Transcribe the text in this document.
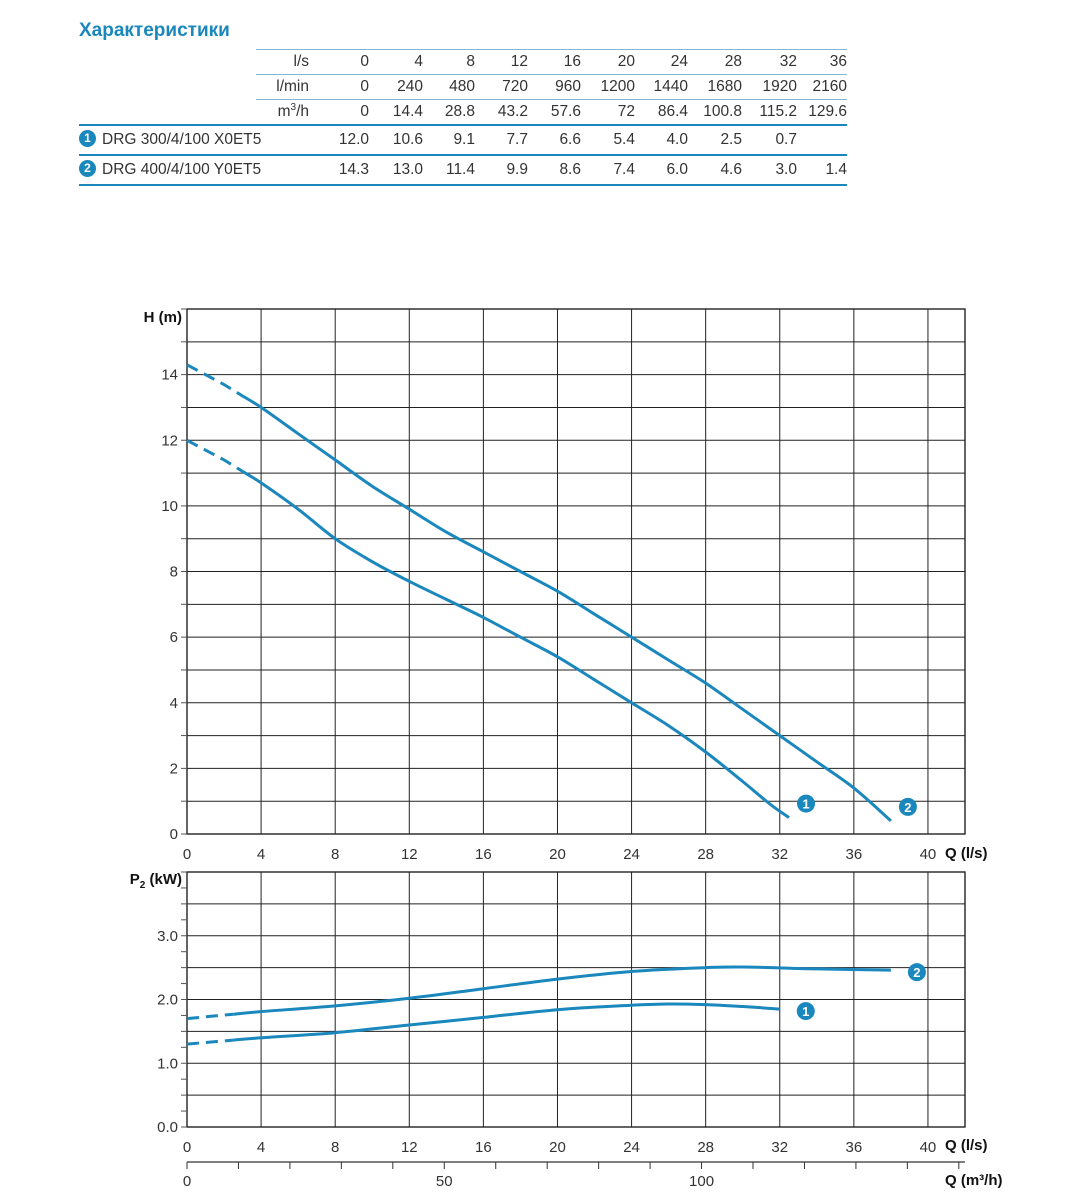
Характеристики
	l/s	0	4	8	12	16	20	24	28	32	36
	l/min	0	240	480	720	960	1200	1440	1680	1920	2160
	$m^3/h$	0	14.4	28.8	43.2	57.6	72	86.4	100.8	115.2	129.6
1 DRG 300/4/100 X0ET5		12.0	10.6	9.1	7.7	6.6	5.4	4.0	2.5	0.7	
2 DRG 400/4/100 Y0ET5		14.3	13.0	11.4	9.9	8.6	7.4	6.0	4.6	3.0	1.4
0
2
4
6
8
10
12
14
0	4	8	12	16	20	24	28	32	36	40
1	2
H (m)
Q (l/s)
0.0
1.0
2.0
3.0
0	4	8	12	16	20	24	28	32	36	40
1
2
$P_2$ (kW)
Q (l/s)
0	50	100	Q (m³/h)
